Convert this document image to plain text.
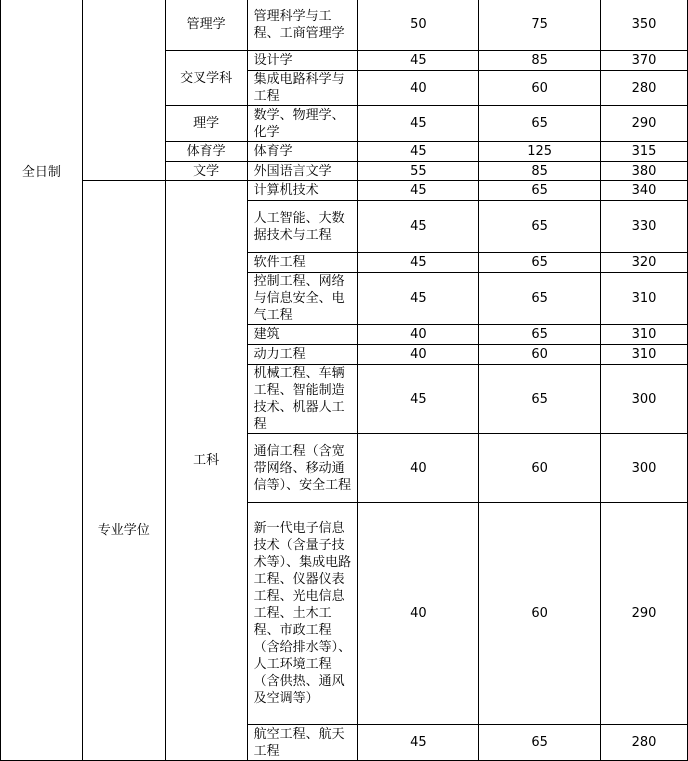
全日制		管理学	管理科学与工程、工商管理学	50	75	350
		交叉学科	设计学	45	85	370
			集成电路科学与工程	40	60	280
		理学	数学、物理学、化学	45	65	290
		体育学	体育学	45	125	315
		文学	外国语言文学	55	85	380
	专业学位	工科	计算机技术	45	65	340
			人工智能、大数据技术与工程	45	65	330
			软件工程	45	65	320
			控制工程、网络与信息安全、电气工程	45	65	310
			建筑	40	65	310
			动力工程	40	60	310
			机械工程、车辆工程、智能制造技术、机器人工程	45	65	300
			通信工程（含宽带网络、移动通信等）、安全工程	40	60	300
			新一代电子信息技术（含量子技术等）、集成电路工程、仪器仪表工程、光电信息工程、土木工程、市政工程（含给排水等）、人工环境工程（含供热、通风及空调等）	40	60	290
			航空工程、航天工程	45	65	280
